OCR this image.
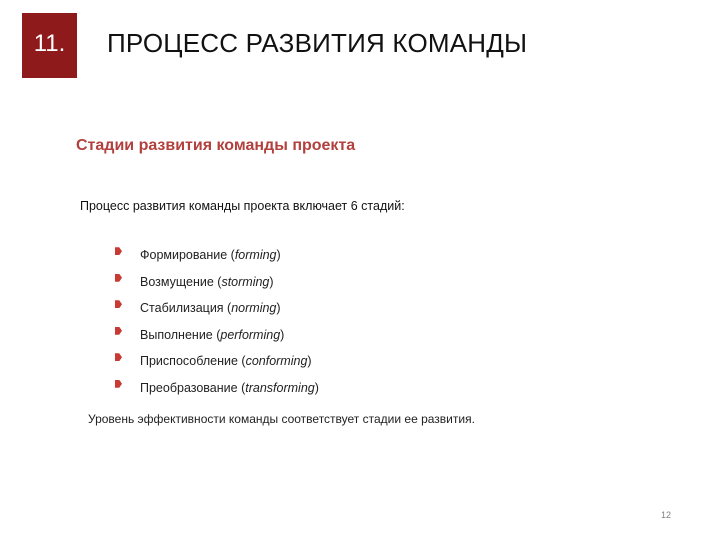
11. ПРОЦЕСС РАЗВИТИЯ КОМАНДЫ
Стадии развития команды проекта
Процесс развития команды проекта включает 6 стадий:
Формирование ( forming )
Возмущение ( storming )
Стабилизация ( norming )
Выполнение ( performing )
Приспособление ( conforming )
Преобразование ( transforming )
Уровень эффективности команды соответствует стадии ее развития.
12
